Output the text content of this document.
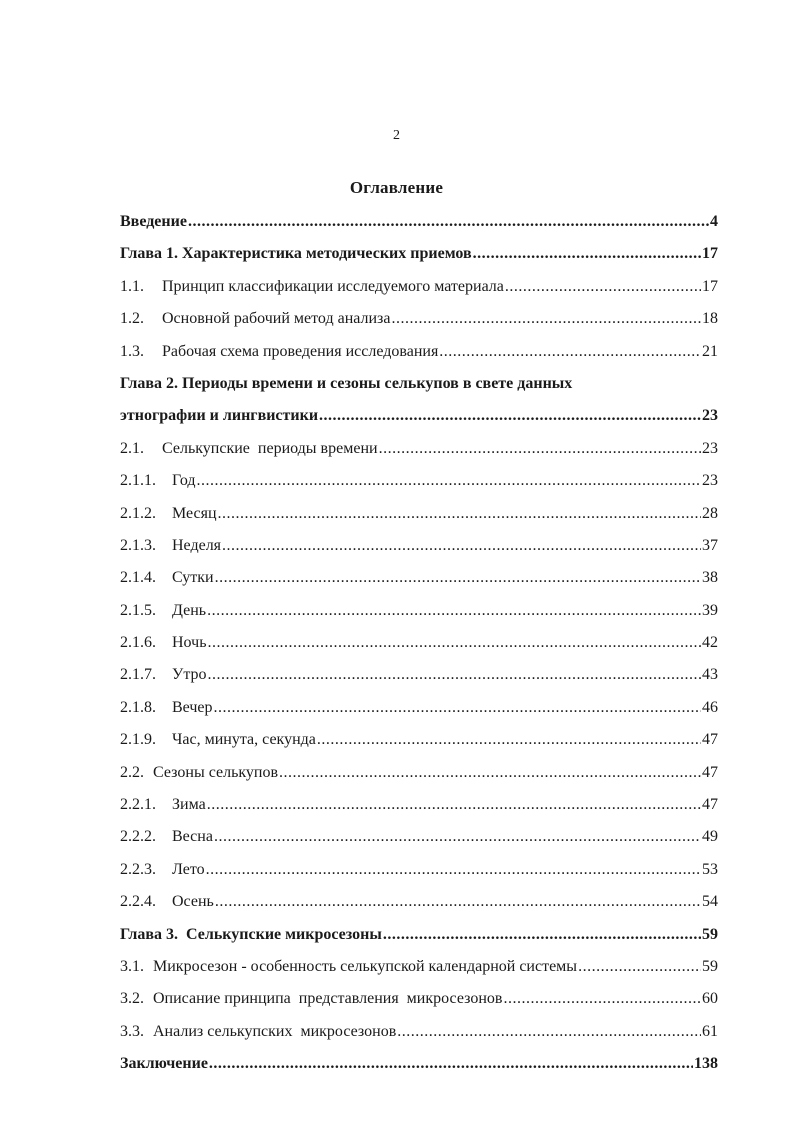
2
Оглавление
Введение .....	4
Глава 1. Характеристика методических приемов .....	17
1.1.	Принцип классификации исследуемого материала .....	17
1.2.	Основной рабочий метод анализа .....	18
1.3.	Рабочая схема проведения исследования .....	21
Глава 2. Периоды времени и сезоны селькупов в свете данных
этнографии и лингвистики .....	23
2.1.	Селькупские  периоды времени .....	23
2.1.1.	Год .....	23
2.1.2.	Месяц .....	28
2.1.3.	Неделя .....	37
2.1.4.	Сутки .....	38
2.1.5.	День .....	39
2.1.6.	Ночь .....	42
2.1.7.	Утро .....	43
2.1.8.	Вечер .....	46
2.1.9.	Час, минута, секунда .....	47
2.2. Сезоны селькупов .....	47
2.2.1.	Зима .....	47
2.2.2.	Весна .....	49
2.2.3.	Лето .....	53
2.2.4.	Осень .....	54
Глава 3.  Селькупские микросезоны .....	59
3.1. Микросезон - особенность селькупской календарной системы .....	59
3.2. Описание принципа  представления  микросезонов .....	60
3.3. Анализ селькупских  микросезонов .....	61
Заключение .....	138
